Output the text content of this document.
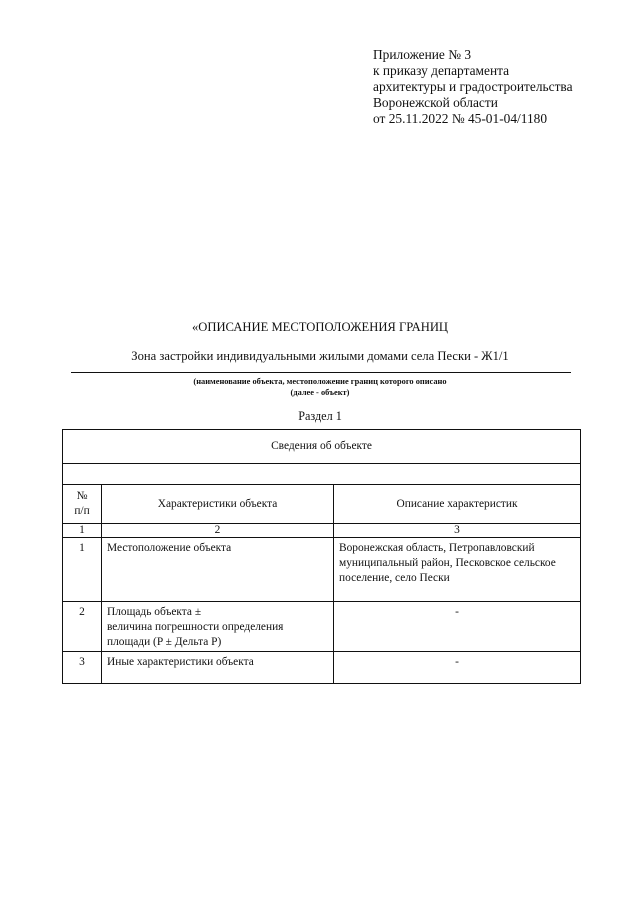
Приложение № 3
к приказу департамента
архитектуры и градостроительства
Воронежской области
от 25.11.2022 № 45-01-04/1180
«ОПИСАНИЕ МЕСТОПОЛОЖЕНИЯ ГРАНИЦ
Зона застройки индивидуальными жилыми домами села Пески - Ж1/1
(наименование объекта, местоположение границ которого описано
(далее - объект)
Раздел 1
Сведения об объекте		

№
п/п	Характеристики объекта	Описание характеристик
1	2	3
1	Местоположение объекта	Воронежская область, Петропавловский муниципальный район, Песковское сельское поселение, село Пески
2	Площадь объекта ±
величина погрешности определения
площади (P ± Дельта P)	-
3	Иные характеристики объекта	-
